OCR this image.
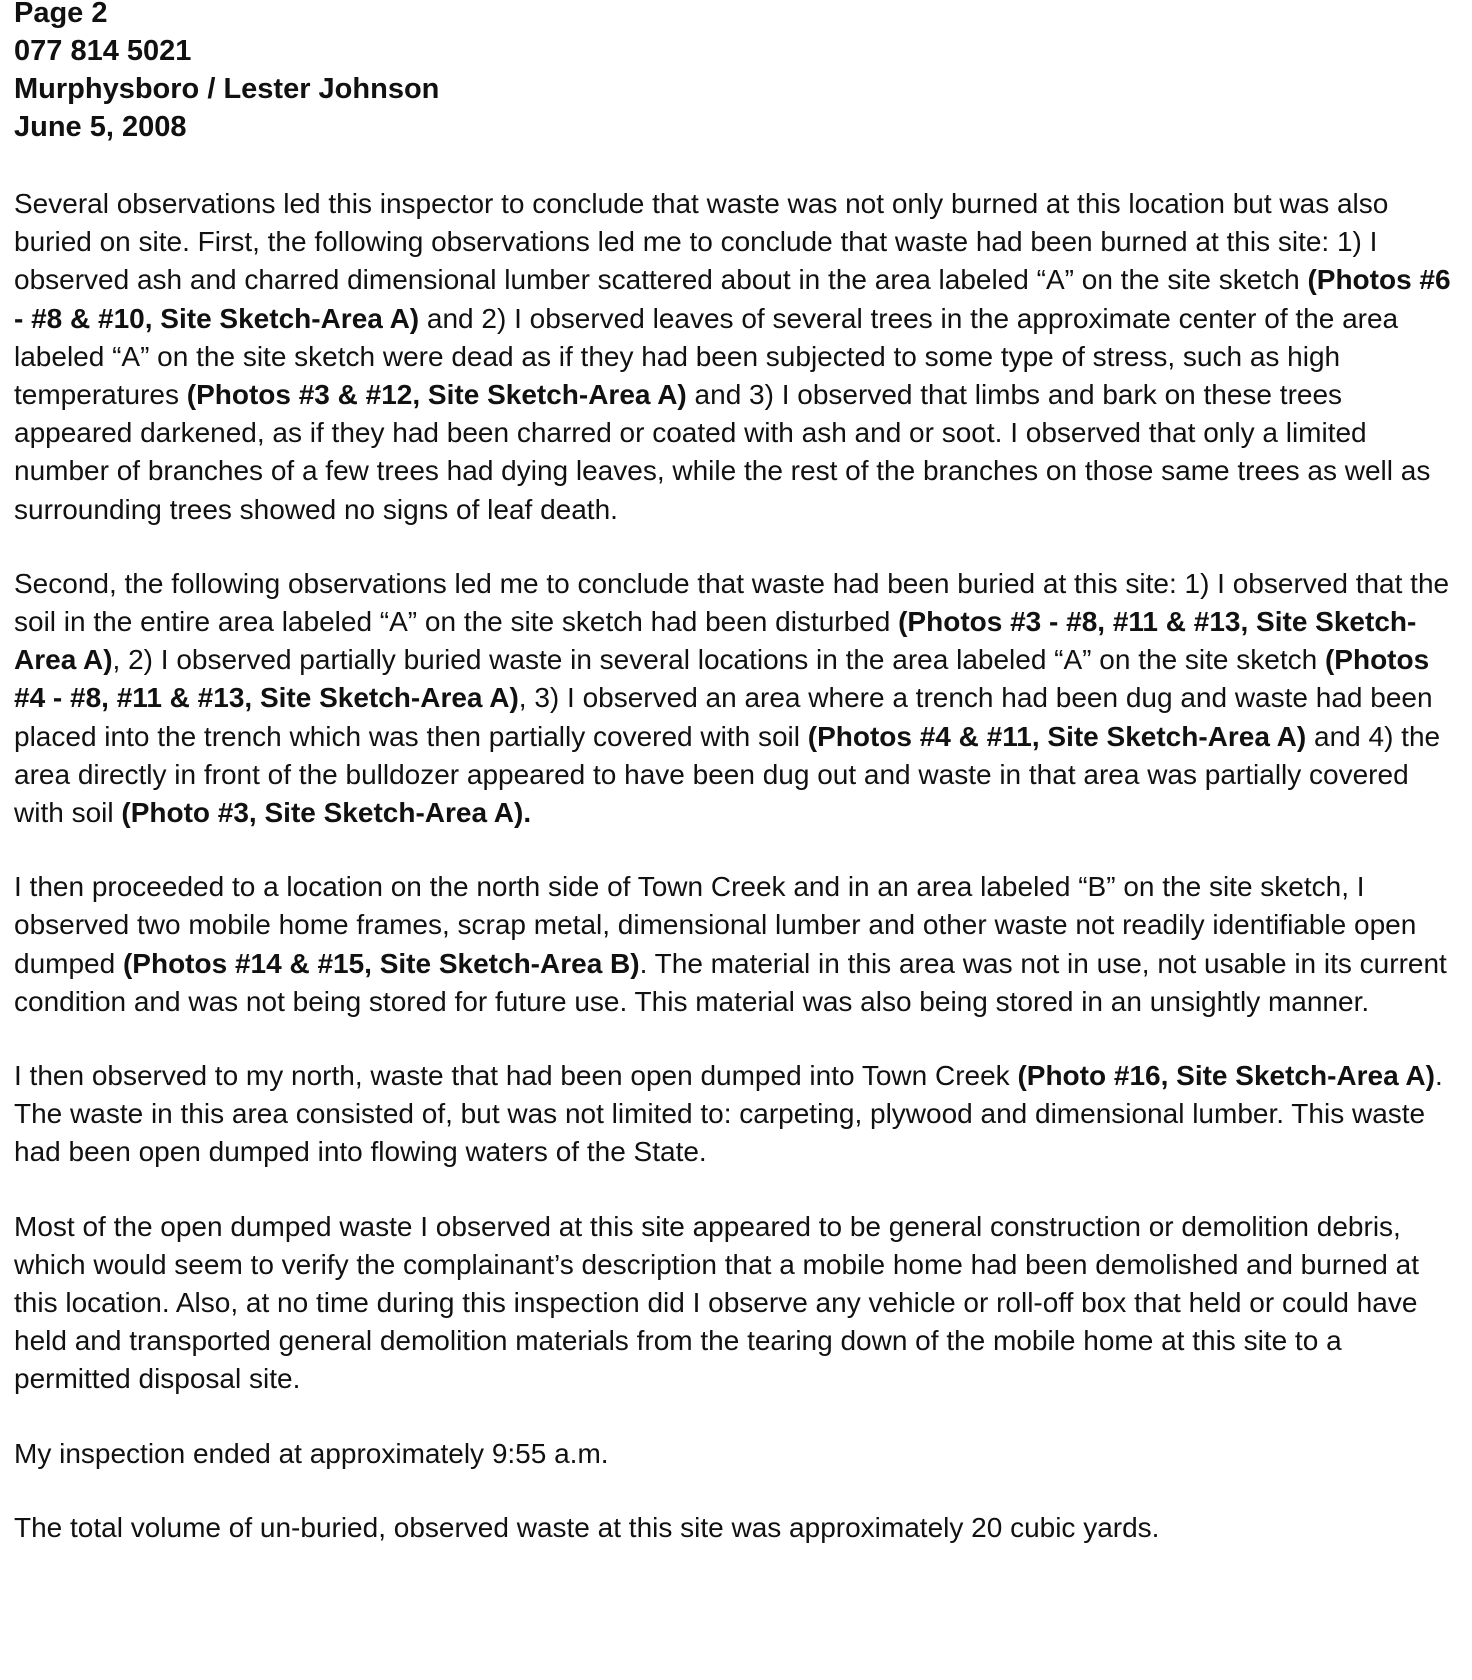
Page 2
077 814 5021
Murphysboro / Lester Johnson
June 5, 2008
Several observations led this inspector to conclude that waste was not only burned at this location but was also buried on site. First, the following observations led me to conclude that waste had been burned at this site: 1) I observed ash and charred dimensional lumber scattered about in the area labeled “A” on the site sketch (Photos #6 - #8 & #10, Site Sketch-Area A) and 2) I observed leaves of several trees in the approximate center of the area labeled “A” on the site sketch were dead as if they had been subjected to some type of stress, such as high temperatures (Photos #3 & #12, Site Sketch-Area A) and 3) I observed that limbs and bark on these trees appeared darkened, as if they had been charred or coated with ash and or soot. I observed that only a limited number of branches of a few trees had dying leaves, while the rest of the branches on those same trees as well as surrounding trees showed no signs of leaf death.
Second, the following observations led me to conclude that waste had been buried at this site: 1) I observed that the soil in the entire area labeled “A” on the site sketch had been disturbed (Photos #3 - #8, #11 & #13, Site Sketch-Area A), 2) I observed partially buried waste in several locations in the area labeled “A” on the site sketch (Photos #4 - #8, #11 & #13, Site Sketch-Area A), 3) I observed an area where a trench had been dug and waste had been placed into the trench which was then partially covered with soil (Photos #4 & #11, Site Sketch-Area A) and 4) the area directly in front of the bulldozer appeared to have been dug out and waste in that area was partially covered with soil (Photo #3, Site Sketch-Area A).
I then proceeded to a location on the north side of Town Creek and in an area labeled “B” on the site sketch, I observed two mobile home frames, scrap metal, dimensional lumber and other waste not readily identifiable open dumped (Photos #14 & #15, Site Sketch-Area B). The material in this area was not in use, not usable in its current condition and was not being stored for future use. This material was also being stored in an unsightly manner.
I then observed to my north, waste that had been open dumped into Town Creek (Photo #16, Site Sketch-Area A). The waste in this area consisted of, but was not limited to: carpeting, plywood and dimensional lumber. This waste had been open dumped into flowing waters of the State.
Most of the open dumped waste I observed at this site appeared to be general construction or demolition debris, which would seem to verify the complainant’s description that a mobile home had been demolished and burned at this location. Also, at no time during this inspection did I observe any vehicle or roll-off box that held or could have held and transported general demolition materials from the tearing down of the mobile home at this site to a permitted disposal site.
My inspection ended at approximately 9:55 a.m.
The total volume of un-buried, observed waste at this site was approximately 20 cubic yards.
